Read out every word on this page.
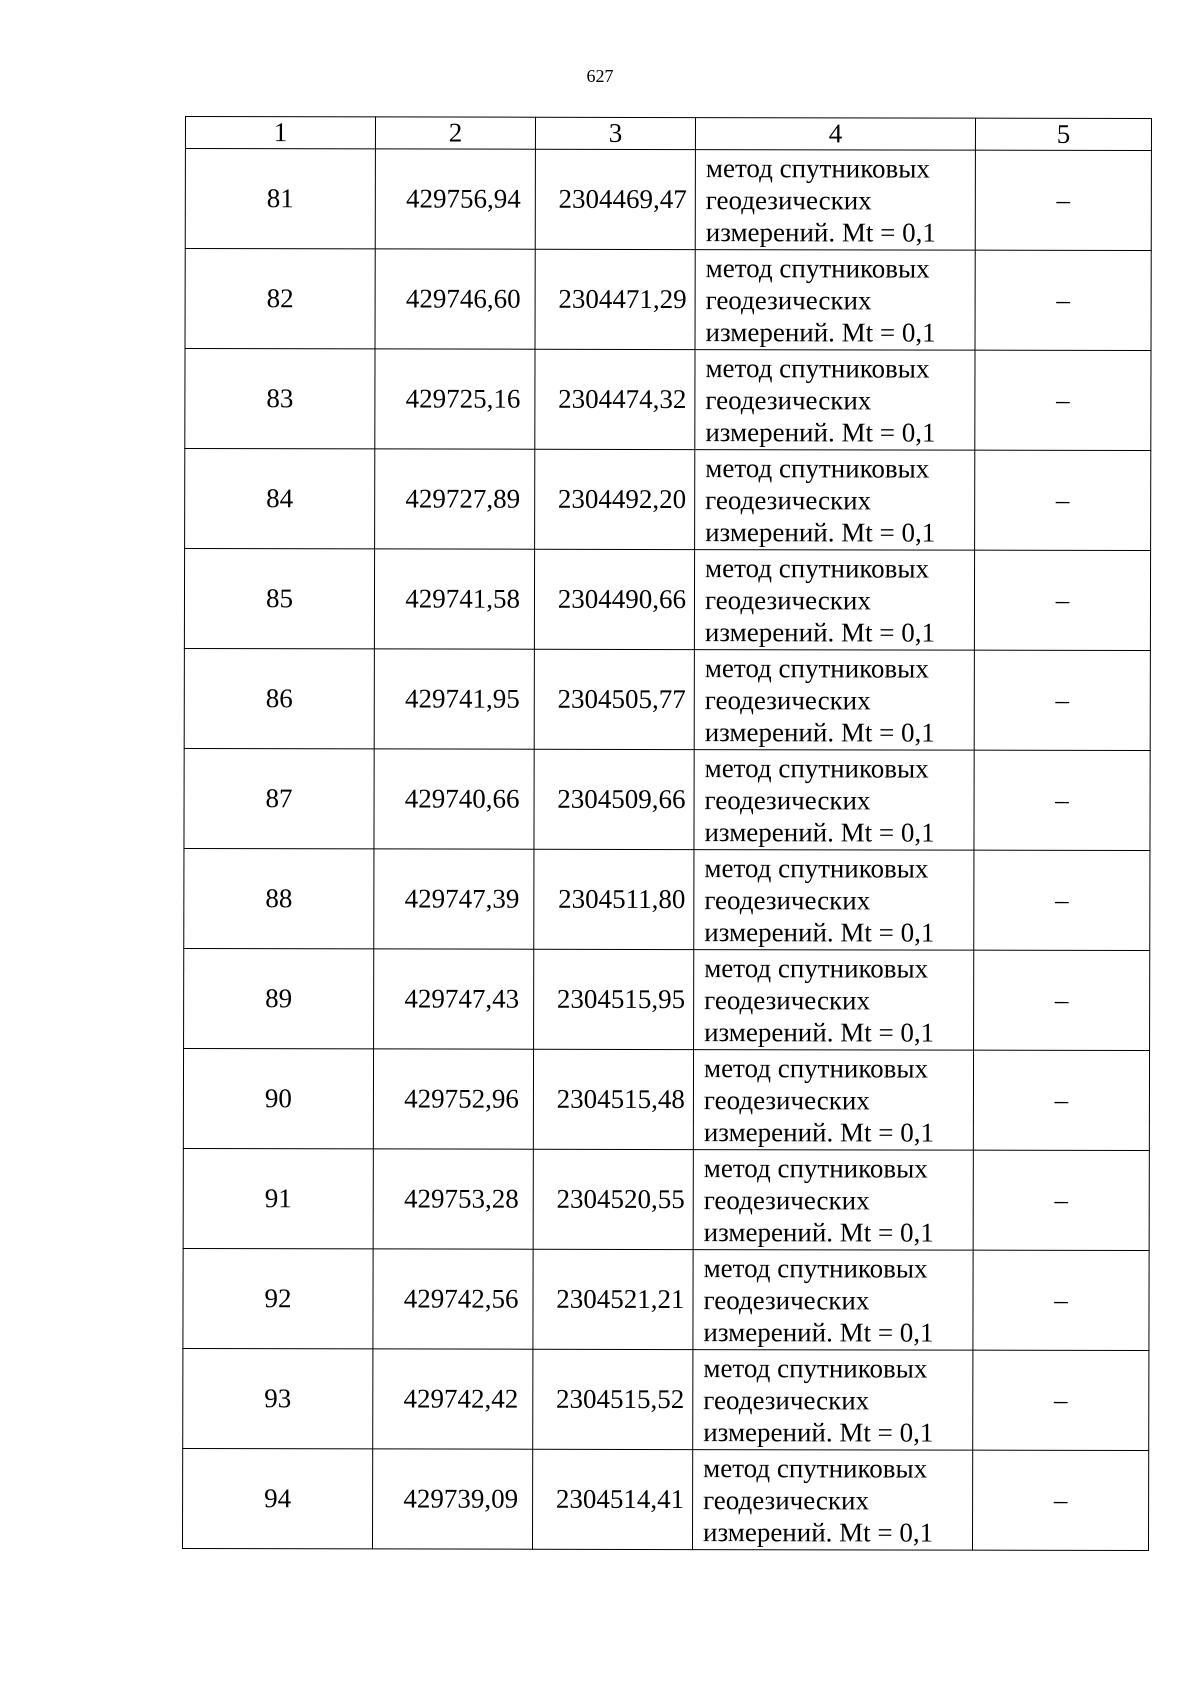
627
1	2	3	4	5
81	429756,94	2304469,47	метод спутниковых
геодезических
измерений. Mt = 0,1	–
82	429746,60	2304471,29	метод спутниковых
геодезических
измерений. Mt = 0,1	–
83	429725,16	2304474,32	метод спутниковых
геодезических
измерений. Mt = 0,1	–
84	429727,89	2304492,20	метод спутниковых
геодезических
измерений. Mt = 0,1	–
85	429741,58	2304490,66	метод спутниковых
геодезических
измерений. Mt = 0,1	–
86	429741,95	2304505,77	метод спутниковых
геодезических
измерений. Mt = 0,1	–
87	429740,66	2304509,66	метод спутниковых
геодезических
измерений. Mt = 0,1	–
88	429747,39	2304511,80	метод спутниковых
геодезических
измерений. Mt = 0,1	–
89	429747,43	2304515,95	метод спутниковых
геодезических
измерений. Mt = 0,1	–
90	429752,96	2304515,48	метод спутниковых
геодезических
измерений. Mt = 0,1	–
91	429753,28	2304520,55	метод спутниковых
геодезических
измерений. Mt = 0,1	–
92	429742,56	2304521,21	метод спутниковых
геодезических
измерений. Mt = 0,1	–
93	429742,42	2304515,52	метод спутниковых
геодезических
измерений. Mt = 0,1	–
94	429739,09	2304514,41	метод спутниковых
геодезических
измерений. Mt = 0,1	–
